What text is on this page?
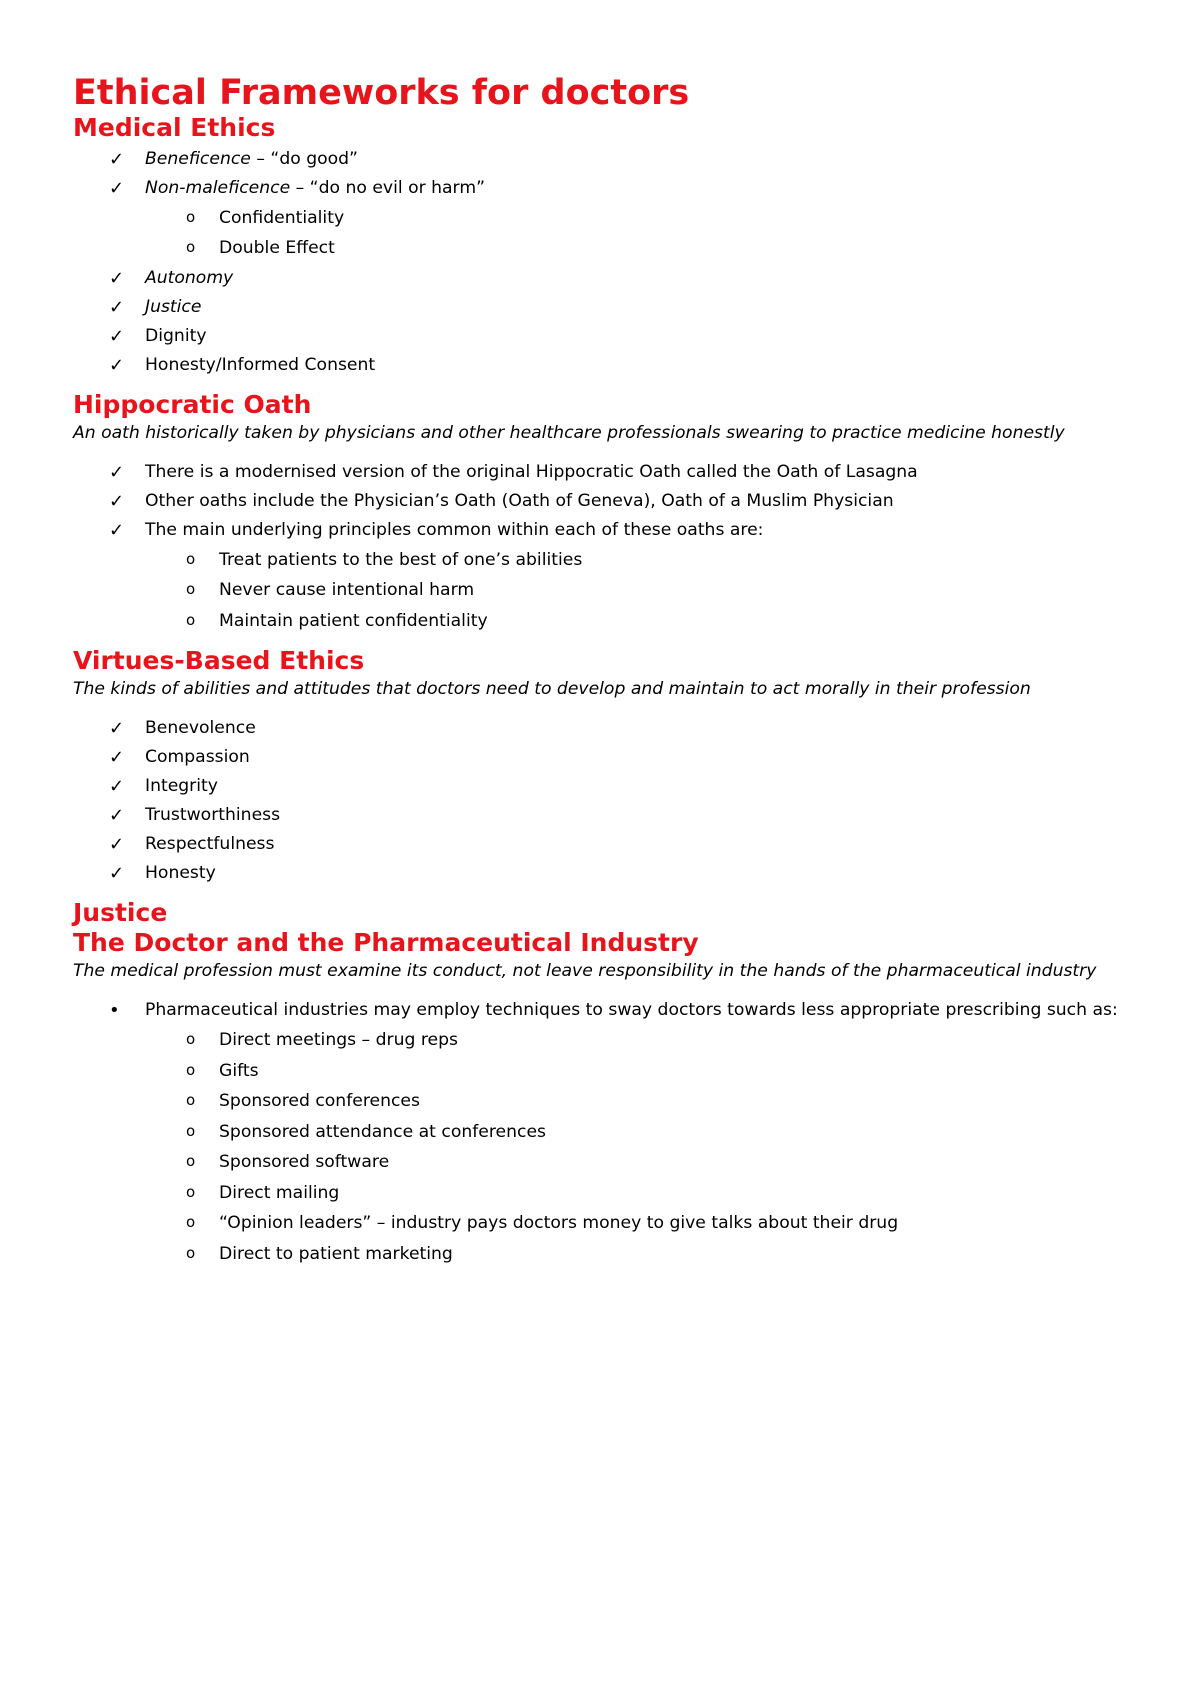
Ethical Frameworks for doctors
Medical Ethics
✓	Beneficence – “do good”
✓	Non-maleficence – “do no evil or harm”
o Confidentiality
o Double Effect
✓	Autonomy
✓	Justice
✓	Dignity
✓	Honesty/Informed Consent
Hippocratic Oath

An oath historically taken by physicians and other healthcare professionals swearing to practice medicine honestly

✓	There is a modernised version of the original Hippocratic Oath called the Oath of Lasagna
✓	Other oaths include the Physician’s Oath (Oath of Geneva), Oath of a Muslim Physician
✓	The main underlying principles common within each of these oaths are:
o Treat patients to the best of one’s abilities
o Never cause intentional harm
o Maintain patient confidentiality
Virtues-Based Ethics

The kinds of abilities and attitudes that doctors need to develop and maintain to act morally in their profession

✓	Benevolence
✓	Compassion
✓	Integrity
✓	Trustworthiness
✓	Respectfulness
✓	Honesty
Justice
The Doctor and the Pharmaceutical Industry

The medical profession must examine its conduct, not leave responsibility in the hands of the pharmaceutical industry

•	Pharmaceutical industries may employ techniques to sway doctors towards less appropriate prescribing such as:
o Direct meetings – drug reps
o Gifts
o Sponsored conferences
o Sponsored attendance at conferences
o Sponsored software
o Direct mailing
o “Opinion leaders” – industry pays doctors money to give talks about their drug
o Direct to patient marketing
